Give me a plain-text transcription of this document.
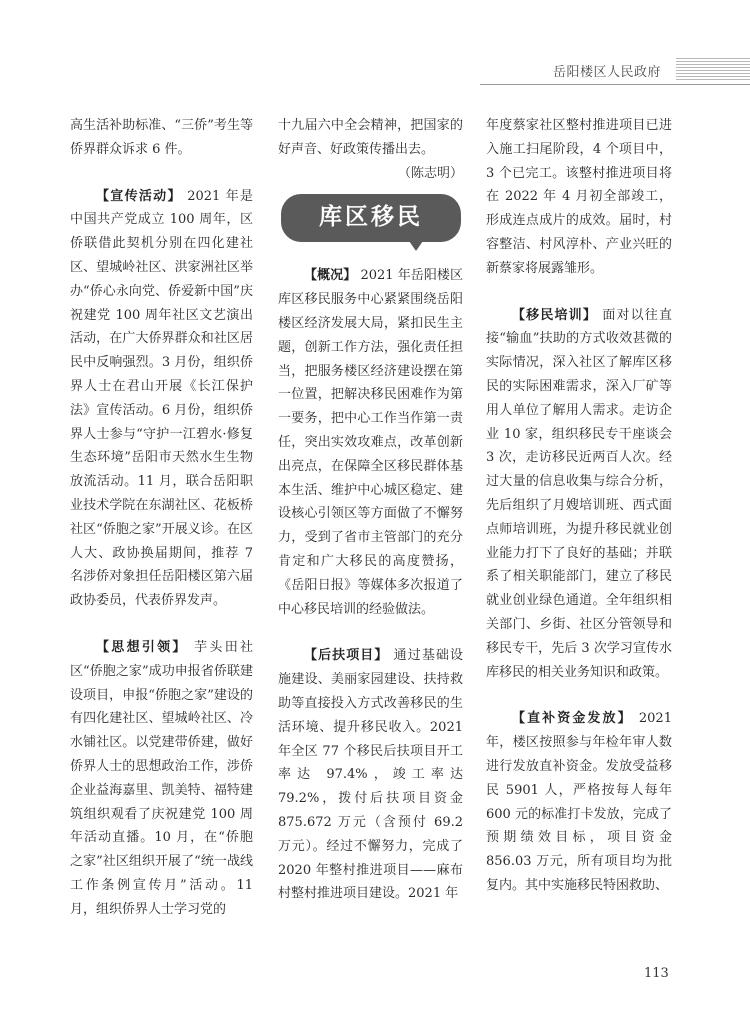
岳阳楼区人民政府

高生活补助标准、“三侨”考生等侨界群众诉求 6 件。

【宣传活动】 2021 年是中国共产党成立 100 周年，区侨联借此契机分别在四化建社区、望城岭社区、洪家洲社区举办“侨心永向党、侨爱新中国”庆祝建党 100 周年社区文艺演出活动，在广大侨界群众和社区居民中反响强烈。3 月份，组织侨界人士在君山开展《长江保护法》宣传活动。6 月份，组织侨界人士参与“守护一江碧水·修复生态环境”岳阳市天然水生生物放流活动。11 月，联合岳阳职业技术学院在东湖社区、花板桥社区“侨胞之家”开展义诊。在区人大、政协换届期间，推荐 7 名涉侨对象担任岳阳楼区第六届政协委员，代表侨界发声。

【思想引领】 芋头田社区“侨胞之家”成功申报省侨联建设项目，申报“侨胞之家”建设的有四化建社区、望城岭社区、冷水铺社区。以党建带侨建，做好侨界人士的思想政治工作，涉侨企业益海嘉里、凯美特、福特建筑组织观看了庆祝建党 100 周年活动直播。10 月，在“侨胞之家”社区组织开展了“统一战线工作条例宣传月”活动。11 月，组织侨界人士学习党的

十九届六中全会精神，把国家的好声音、好政策传播出去。

（陈志明）

库区移民

【概况】 2021 年岳阳楼区库区移民服务中心紧紧围绕岳阳楼区经济发展大局，紧扣民生主题，创新工作方法，强化责任担当，把服务楼区经济建设摆在第一位置，把解决移民困难作为第一要务，把中心工作当作第一责任，突出实效攻难点，改革创新出亮点，在保障全区移民群体基本生活、维护中心城区稳定、建设核心引领区等方面做了不懈努力，受到了省市主管部门的充分肯定和广大移民的高度赞扬，《岳阳日报》等媒体多次报道了中心移民培训的经验做法。

【后扶项目】 通过基础设施建设、美丽家园建设、扶持救助等直接投入方式改善移民的生活环境、提升移民收入。2021 年全区 77 个移民后扶项目开工率达 97.4%，竣工率达 79.2%，拨付后扶项目资金 875.672 万元（含预付 69.2 万元）。经过不懈努力，完成了 2020 年整村推进项目——麻布村整村推进项目建设。2021 年

年度蔡家社区整村推进项目已进入施工扫尾阶段，4 个项目中，3 个已完工。该整村推进项目将在 2022 年 4 月初全部竣工，形成连点成片的成效。届时，村容整洁、村风淳朴、产业兴旺的新蔡家将展露雏形。

【移民培训】 面对以往直接“输血”扶助的方式收效甚微的实际情况，深入社区了解库区移民的实际困难需求，深入厂矿等用人单位了解用人需求。走访企业 10 家，组织移民专干座谈会 3 次，走访移民近两百人次。经过大量的信息收集与综合分析，先后组织了月嫂培训班、西式面点师培训班，为提升移民就业创业能力打下了良好的基础；并联系了相关职能部门，建立了移民就业创业绿色通道。全年组织相关部门、乡街、社区分管领导和移民专干，先后 3 次学习宣传水库移民的相关业务知识和政策。

【直补资金发放】 2021 年，楼区按照参与年检年审人数进行发放直补资金。发放受益移民 5901 人，严格按每人每年 600 元的标准打卡发放，完成了预期绩效目标，项目资金 856.03 万元，所有项目均为批复内。其中实施移民特困救助、

113
